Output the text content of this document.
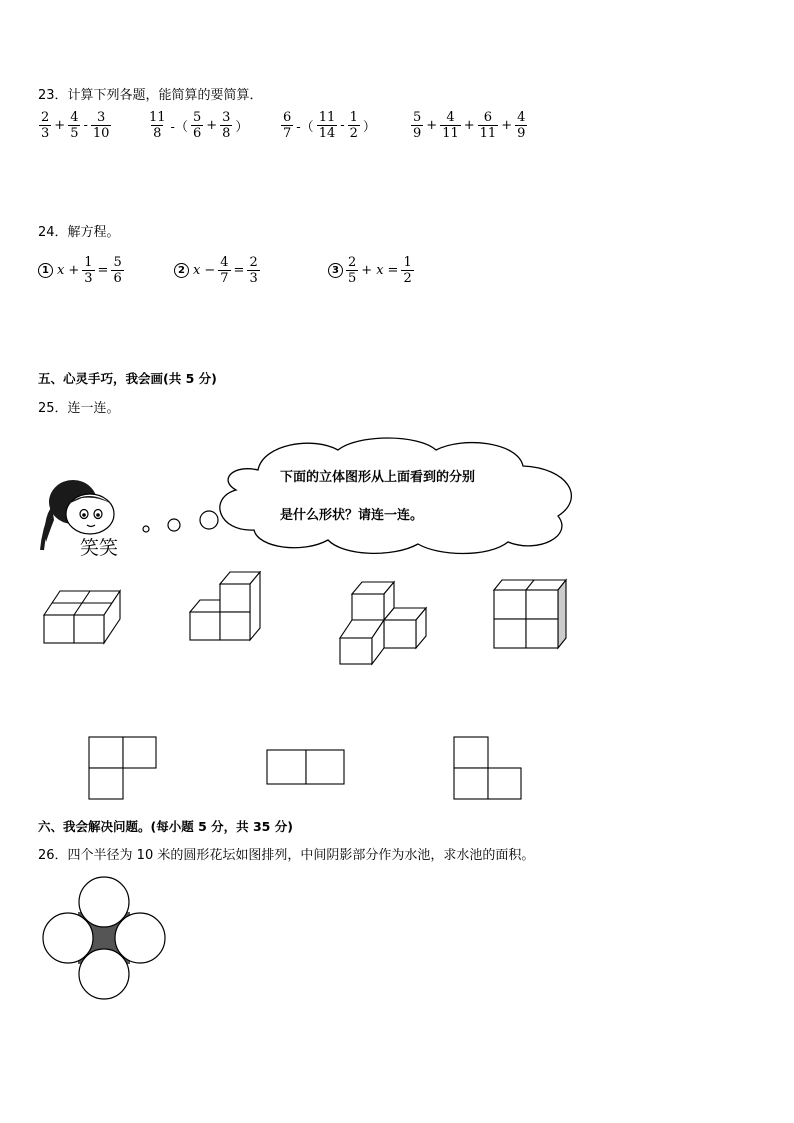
23．计算下列各题，能简算的要简算．
$\frac{2}{3} + \frac{4}{5} - \frac{3}{10}$	$\frac{11}{8}$ -（ $\frac{5}{6} + \frac{3}{8}$ ）	$\frac{6}{7}$ -（ $\frac{11}{14} - \frac{1}{2}$ ）	$\frac{5}{9} + \frac{4}{11} + \frac{6}{11} + \frac{4}{9}$
24．解方程。
1 $x + \frac{1}{3} = \frac{5}{6}$	2 $x - \frac{4}{7} = \frac{2}{3}$	$3 \frac{2}{5} + x = \frac{1}{2}$
五、心灵手巧，我会画(共 5 分)
25．连一连。
笑笑
下面的立体图形从上面看到的分别
是什么形状？请连一连。
六、我会解决问题。(每小题 5 分，共 35 分)
26．四个半径为 10 米的圆形花坛如图排列，中间阴影部分作为水池，求水池的面积。
